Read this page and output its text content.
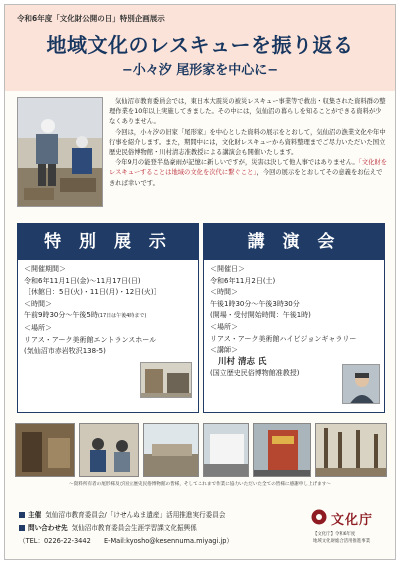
令和6年度「文化財公開の日」特別企画展示
地域文化のレスキューを振り返る
−小々汐 尾形家を中心に−

気仙沼市教育委員会では，東日本大震災の被災レスキュー事業等で救出・収集された資料群の整理作業を10年以上実施してきました。その中には，気仙沼の暮らしを知ることができる資料が少なくありません。

今回は，小々汐の旧家「尾形家」を中心とした資料の展示をとおして，気仙沼の漁業文化や年中行事を紹介します。また，期間中には，文化財レスキューから資料整理までご尽力いただいた国立歴史民俗博物館・川村清志准教授による講演会も開催いたします。

今年9月の能登半島豪雨が記憶に新しいですが，災害は決して他人事ではありません。「文化財をレスキューすることは地域の文化を次代に繋ぐこと」，今回の展示をとおしてその意義をお伝えできれば幸いです。

特 別 展 示
＜開催期間＞
令和6年11月1日(金)～11月17日(日)
［休館日：5日(火)・11日(月)・12日(火)］
＜時間＞
午前9時30分～午後5時(17日は午後4時まで)
＜場所＞
リアス・アーク美術館エントランスホール
(気仙沼市赤岩牧沢138-5)
講 演 会
＜開催日＞
令和6年11月2日(土)
＜時間＞
午後1時30分～午後3時30分
(開場・受付開始時間：午後1時)
＜場所＞
リアス・アーク美術館ハイビジョンギャラリー
＜講師＞
川村 清志 氏
(国立歴史民俗博物館准教授)
〜資料所有者の尾形様及び国立歴史民俗博物館の皆様，そしてこれまで作業に協力いただいた全ての皆様に感謝申し上げます〜
主催 気仙沼市教育委員会/「けせんぬま遺産」活用推進実行委員会
問い合わせ先 気仙沼市教育委員会生涯学習課文化振興係
（TEL：0226-22-3442　　E-Mail:kyosho@kesennuma.miyagi.jp）
文化庁
【文化庁】令和6年度
地域文化財総合活用推進事業
